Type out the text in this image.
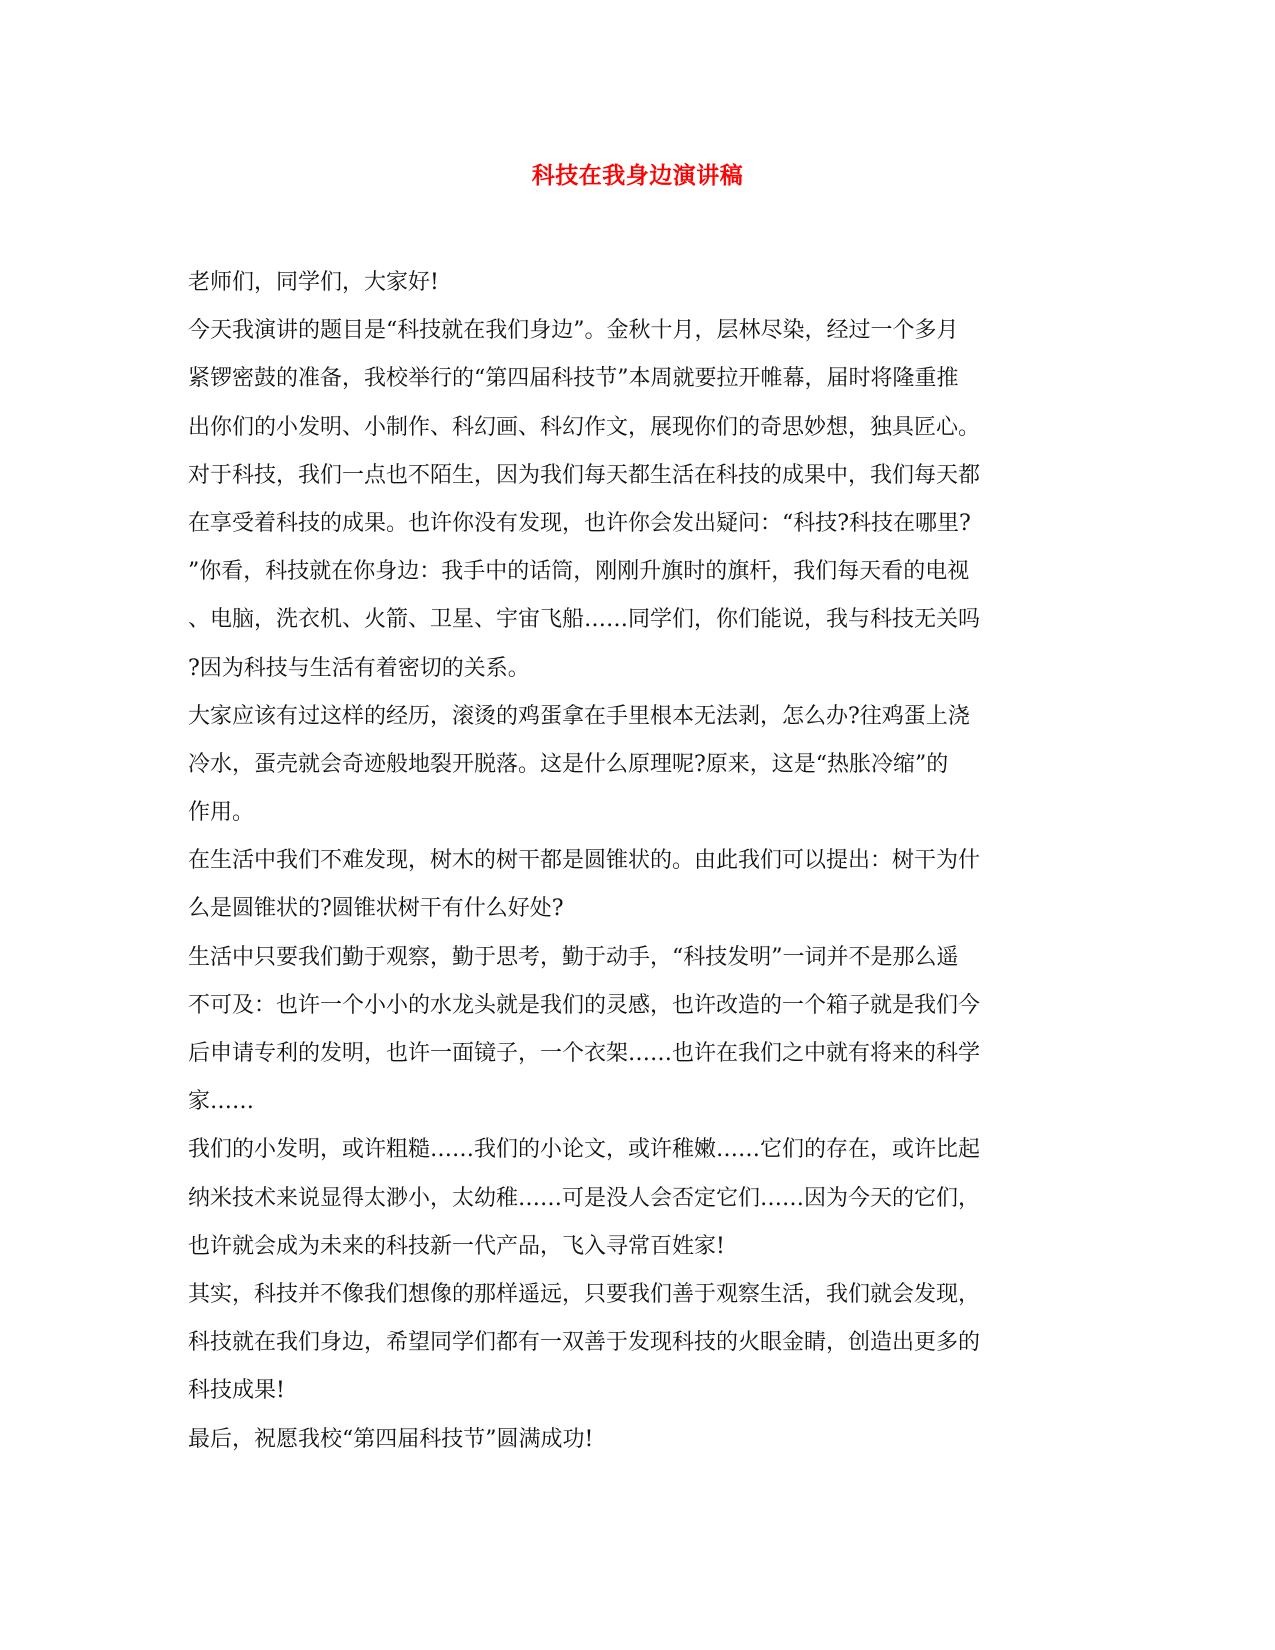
科技在我身边演讲稿
老师们，同学们，大家好!
今天我演讲的题目是“科技就在我们身边”。金秋十月，层林尽染，经过一个多月
紧锣密鼓的准备，我校举行的“第四届科技节”本周就要拉开帷幕，届时将隆重推
出你们的小发明、小制作、科幻画、科幻作文，展现你们的奇思妙想，独具匠心。
对于科技，我们一点也不陌生，因为我们每天都生活在科技的成果中，我们每天都
在享受着科技的成果。也许你没有发现，也许你会发出疑问：“科技?科技在哪里?
”你看，科技就在你身边：我手中的话筒，刚刚升旗时的旗杆，我们每天看的电视
、电脑，洗衣机、火箭、卫星、宇宙飞船……同学们，你们能说，我与科技无关吗
?因为科技与生活有着密切的关系。
大家应该有过这样的经历，滚烫的鸡蛋拿在手里根本无法剥，怎么办?往鸡蛋上浇
冷水，蛋壳就会奇迹般地裂开脱落。这是什么原理呢?原来，这是“热胀冷缩”的
作用。
在生活中我们不难发现，树木的树干都是圆锥状的。由此我们可以提出：树干为什
么是圆锥状的?圆锥状树干有什么好处?
生活中只要我们勤于观察，勤于思考，勤于动手，“科技发明”一词并不是那么遥
不可及：也许一个小小的水龙头就是我们的灵感，也许改造的一个箱子就是我们今
后申请专利的发明，也许一面镜子，一个衣架……也许在我们之中就有将来的科学
家……
我们的小发明，或许粗糙……我们的小论文，或许稚嫩……它们的存在，或许比起
纳米技术来说显得太渺小，太幼稚……可是没人会否定它们……因为今天的它们，
也许就会成为未来的科技新一代产品，飞入寻常百姓家!
其实，科技并不像我们想像的那样遥远，只要我们善于观察生活，我们就会发现，
科技就在我们身边，希望同学们都有一双善于发现科技的火眼金睛，创造出更多的
科技成果!
最后，祝愿我校“第四届科技节”圆满成功!
